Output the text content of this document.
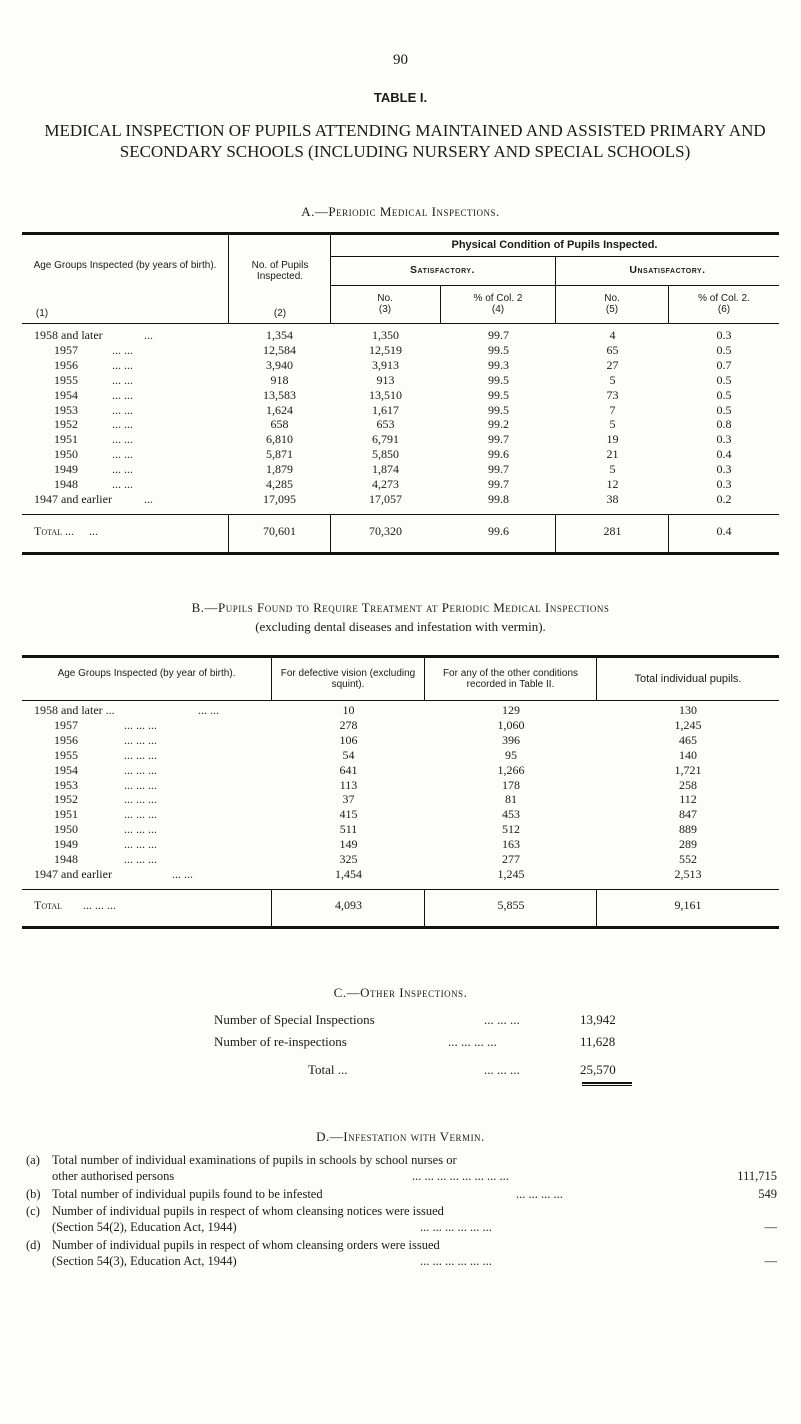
90
TABLE I.
MEDICAL INSPECTION OF PUPILS ATTENDING MAINTAINED AND ASSISTED PRIMARY AND SECONDARY SCHOOLS (INCLUDING NURSERY AND SPECIAL SCHOOLS)
A.—Periodic Medical Inspections.
Age Groups Inspected (by years of birth).
(1)
No. of Pupils Inspected.
(2)
Physical Condition of Pupils Inspected.
Satisfactory.	Unsatisfactory.
No.
(3)
% of Col. 2
(4)
No.
(5)
% of Col. 2.
(6)
1958 and later ...	1,354	1,350	99.7	4	0.3
1957 ... ...	12,584	12,519	99.5	65	0.5
1956 ... ...	3,940	3,913	99.3	27	0.7
1955 ... ...	918	913	99.5	5	0.5
1954 ... ...	13,583	13,510	99.5	73	0.5
1953 ... ...	1,624	1,617	99.5	7	0.5
1952 ... ...	658	653	99.2	5	0.8
1951 ... ...	6,810	6,791	99.7	19	0.3
1950 ... ...	5,871	5,850	99.6	21	0.4
1949 ... ...	1,879	1,874	99.7	5	0.3
1948 ... ...	4,285	4,273	99.7	12	0.3
1947 and earlier ...	17,095	17,057	99.8	38	0.2
Total ... ...	70,601	70,320	99.6	281	0.4
B.—Pupils Found to Require Treatment at Periodic Medical Inspections
(excluding dental diseases and infestation with vermin).
Age Groups Inspected (by year of birth).	For defective vision (excluding squint).
For any of the other conditions recorded in Table II.	Total individual pupils.
1958 and later ... ... ...	10	129	130
1957 ... ... ...	278	1,060	1,245
1956 ... ... ...	106	396	465
1955 ... ... ...	54	95	140
1954 ... ... ...	641	1,266	1,721
1953 ... ... ...	113	178	258
1952 ... ... ...	37	81	112
1951 ... ... ...	415	453	847
1950 ... ... ...	511	512	889
1949 ... ... ...	149	163	289
1948 ... ... ...	325	277	552
1947 and earlier ... ...	1,454	1,245	2,513
Total ... ... ...	4,093	5,855	9,161
C.—Other Inspections.
Number of Special Inspections	... ... ...	13,942
Number of re-inspections	... ... ... ...	11,628
Total ...	... ... ...	25,570
D.—Infestation with Vermin.
(a) Total number of individual examinations of pupils in schools by school nurses or
other authorised persons	... ... ... ... ... ... ... ...	111,715
(b) Total number of individual pupils found to be infested	... ... ... ...	549
(c) Number of individual pupils in respect of whom cleansing notices were issued
(Section 54(2), Education Act, 1944)	... ... ... ... ... ...	—
(d) Number of individual pupils in respect of whom cleansing orders were issued
(Section 54(3), Education Act, 1944)	... ... ... ... ... ...	—
